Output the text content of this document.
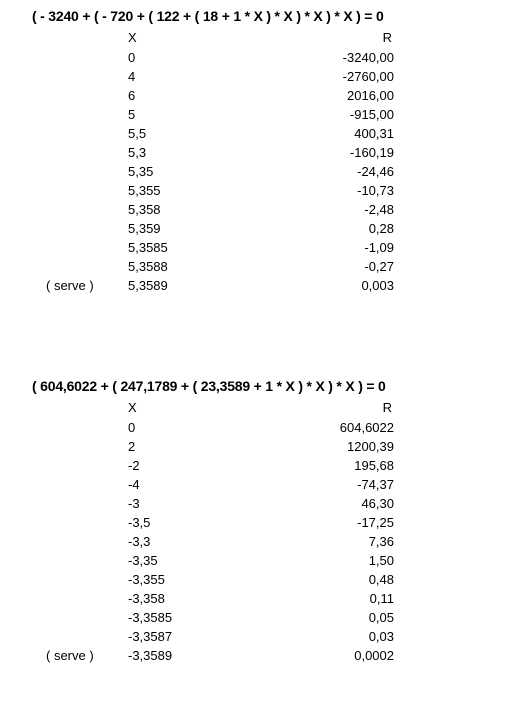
( - 3240 + ( - 720 + ( 122 + ( 18 + 1 * X ) * X ) * X ) * X ) = 0
X	R
0	-3240,00
4	-2760,00
6	2016,00
5	-915,00
5,5	400,31
5,3	-160,19
5,35	-24,46
5,355	-10,73
5,358	-2,48
5,359	0,28
5,3585	-1,09
5,3588	-0,27
( serve )	5,3589	0,003
( 604,6022 + ( 247,1789 + ( 23,3589 + 1 * X ) * X ) * X ) = 0
X	R
0	604,6022
2	1200,39
-2	195,68
-4	-74,37
-3	46,30
-3,5	-17,25
-3,3	7,36
-3,35	1,50
-3,355	0,48
-3,358	0,11
-3,3585	0,05
-3,3587	0,03
( serve )	-3,3589	0,0002
